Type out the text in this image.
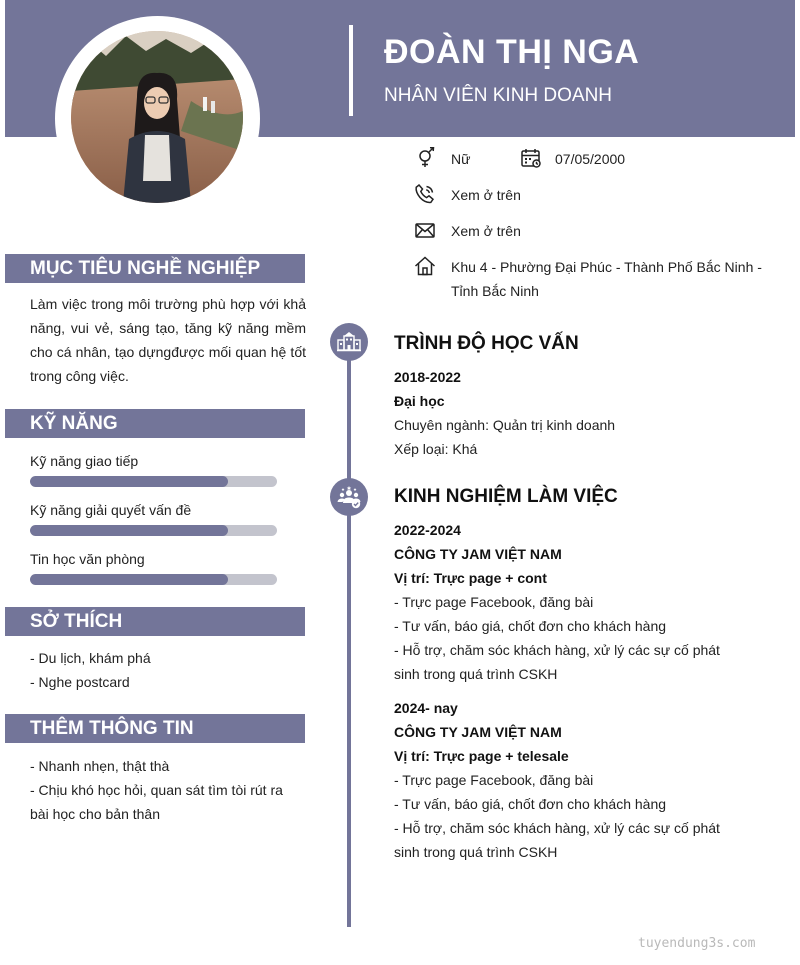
ĐOÀN THỊ NGA
NHÂN VIÊN KINH DOANH
Nữ	07/05/2000
Xem ở trên
Xem ở trên
Khu 4 - Phường Đại Phúc - Thành Phố Bắc Ninh -
Tỉnh Bắc Ninh
MỤC TIÊU NGHỀ NGHIỆP
Làm việc trong môi trường phù hợp với khả năng, vui vẻ, sáng tạo, tăng kỹ năng mềm cho cá nhân, tạo dựngđược mối quan hệ tốt trong công việc.
KỸ NĂNG
Kỹ năng giao tiếp
Kỹ năng giải quyết vấn đề
Tin học văn phòng
SỞ THÍCH
- Du lịch, khám phá
- Nghe postcard
THÊM THÔNG TIN
- Nhanh nhẹn, thật thà
- Chịu khó học hỏi, quan sát tìm tòi rút ra
bài học cho bản thân
TRÌNH ĐỘ HỌC VẤN
2018-2022
Đại học
Chuyên ngành: Quản trị kinh doanh
Xếp loại: Khá
KINH NGHIỆM LÀM VIỆC
2022-2024
CÔNG TY JAM VIỆT NAM
Vị trí: Trực page + cont
- Trực page Facebook, đăng bài
- Tư vấn, báo giá, chốt đơn cho khách hàng
- Hỗ trợ, chăm sóc khách hàng, xử lý các sự cố phát
sinh trong quá trình CSKH
2024- nay
CÔNG TY JAM VIỆT NAM
Vị trí: Trực page + telesale
- Trực page Facebook, đăng bài
- Tư vấn, báo giá, chốt đơn cho khách hàng
- Hỗ trợ, chăm sóc khách hàng, xử lý các sự cố phát
sinh trong quá trình CSKH
tuyendung3s.com
